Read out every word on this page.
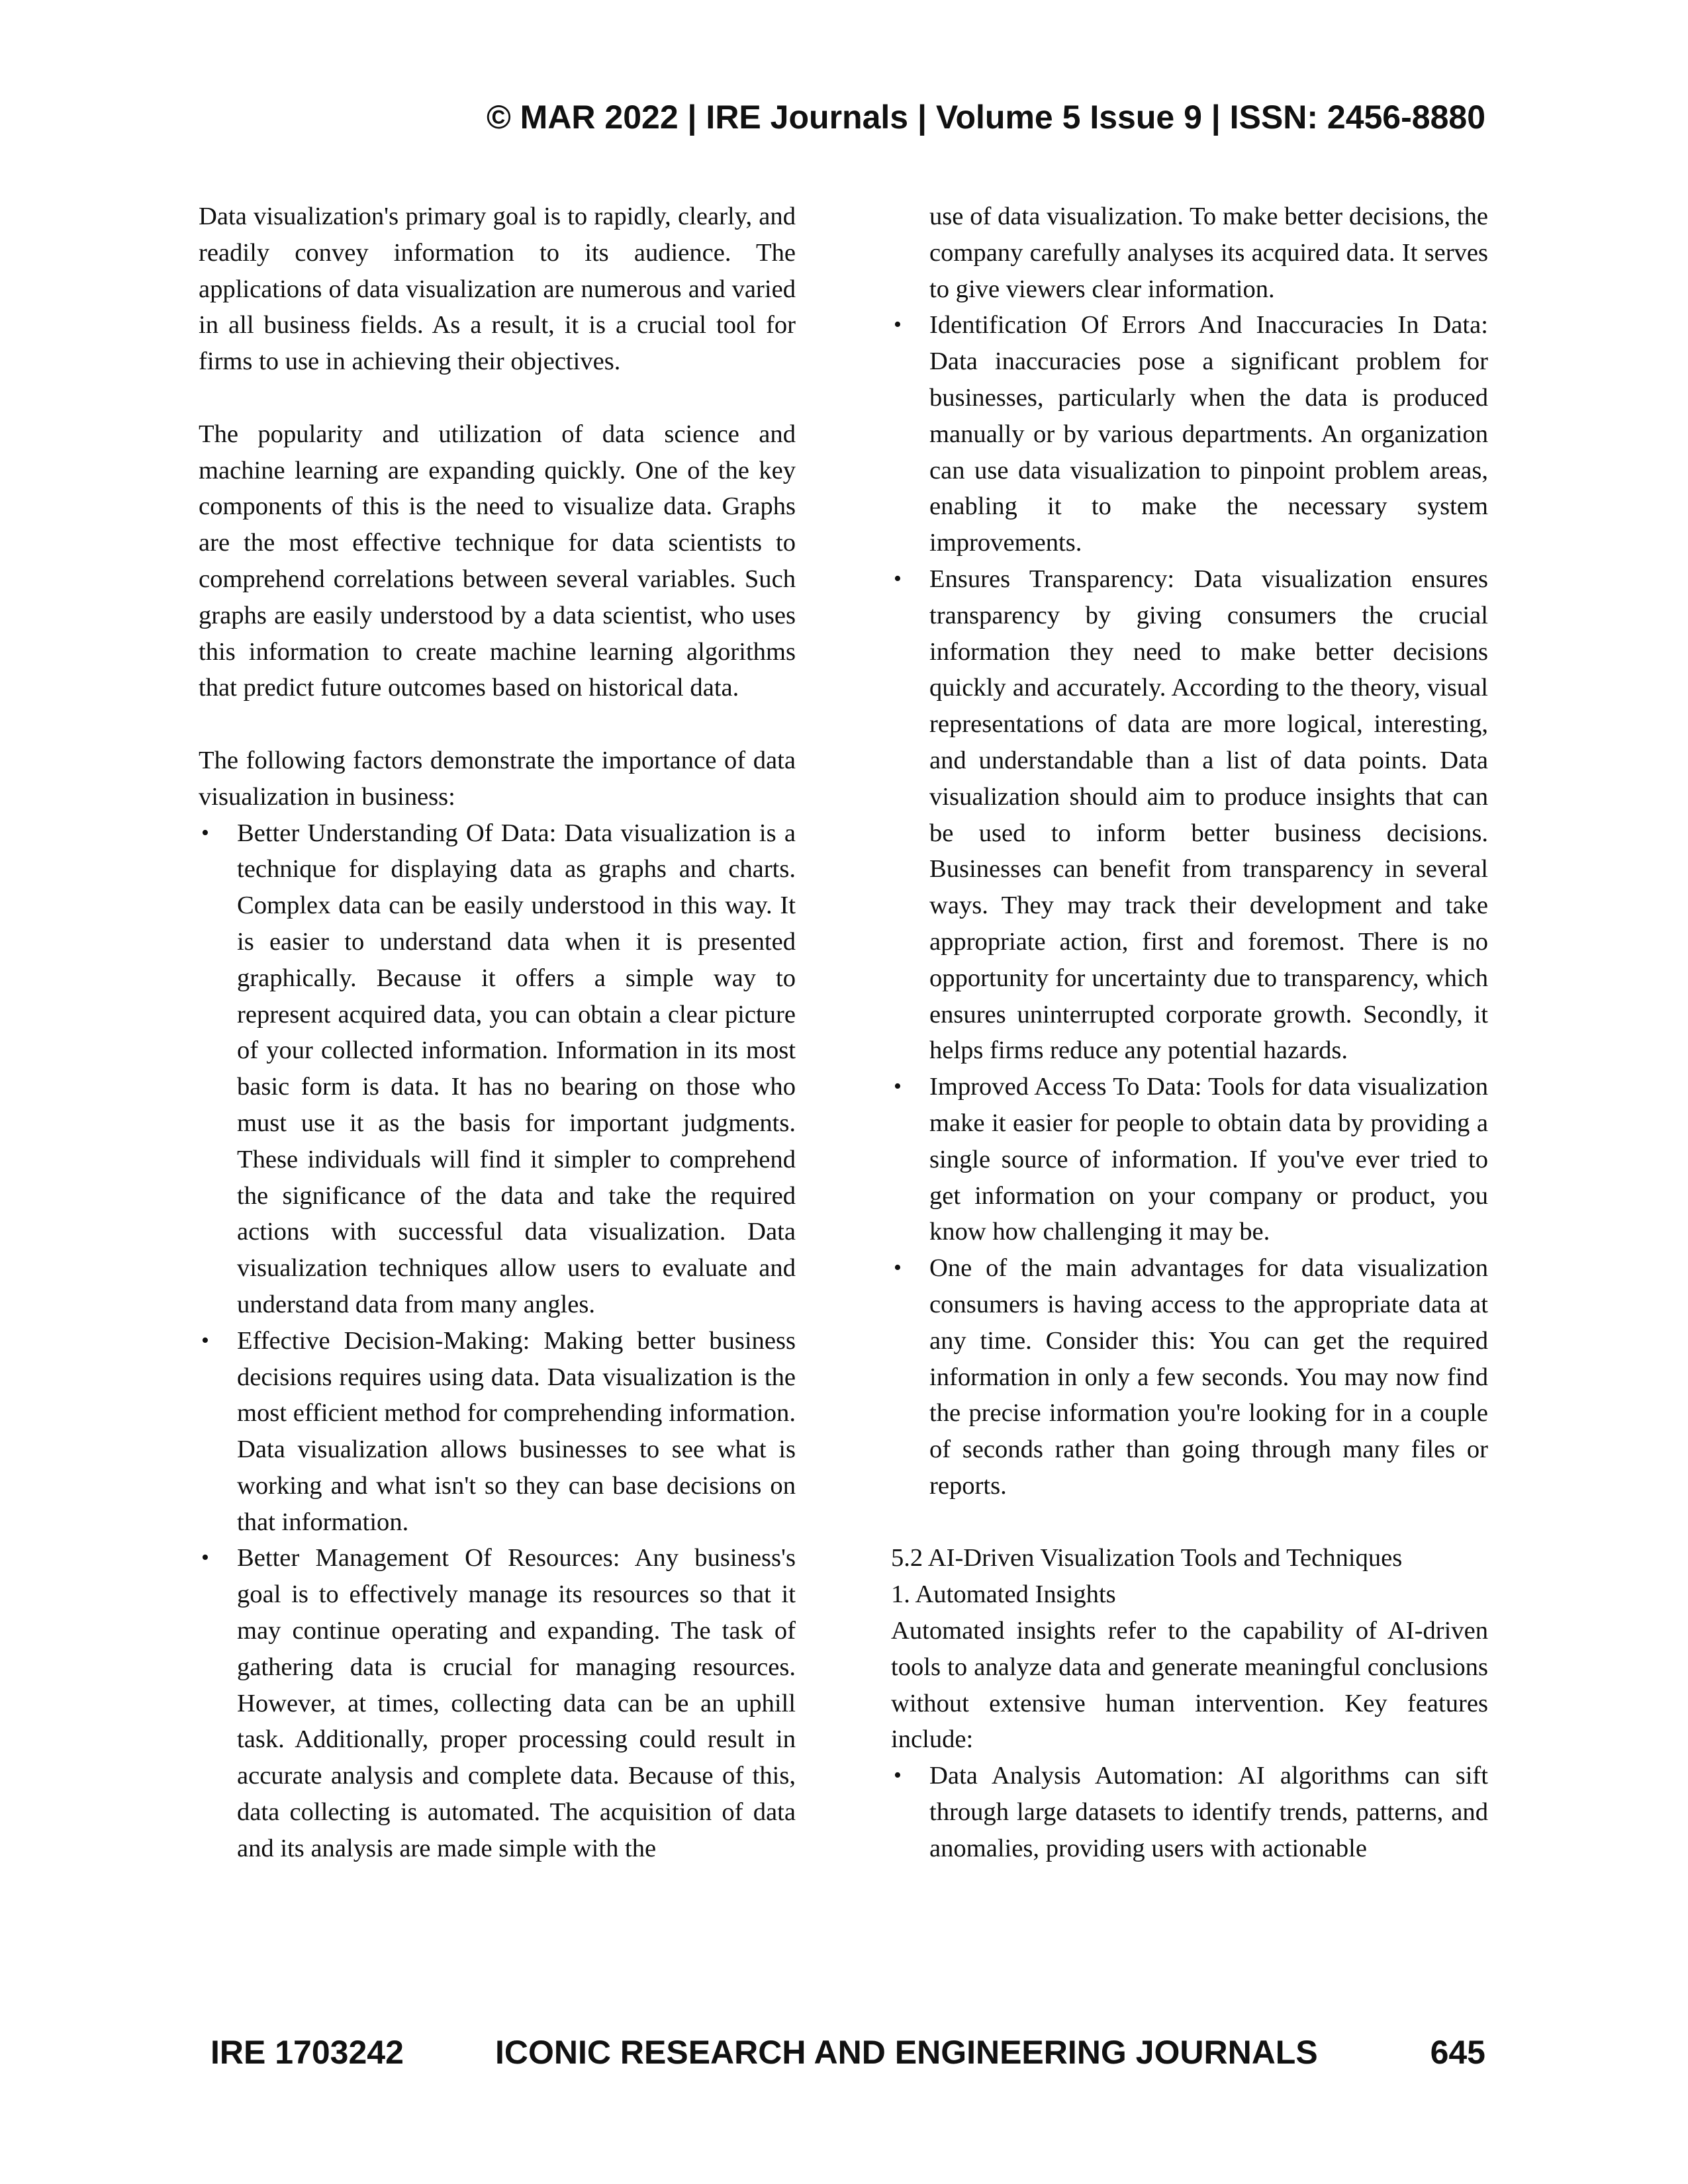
© MAR 2022 | IRE Journals | Volume 5 Issue 9 | ISSN: 2456-8880

Data visualization's primary goal is to rapidly, clearly, and readily convey information to its audience. The applications of data visualization are numerous and varied in all business fields. As a result, it is a crucial tool for firms to use in achieving their objectives.

The popularity and utilization of data science and machine learning are expanding quickly. One of the key components of this is the need to visualize data. Graphs are the most effective technique for data scientists to comprehend correlations between several variables. Such graphs are easily understood by a data scientist, who uses this information to create machine learning algorithms that predict future outcomes based on historical data.

The following factors demonstrate the importance of data visualization in business:

• Better Understanding Of Data: Data visualization is a technique for displaying data as graphs and charts. Complex data can be easily understood in this way. It is easier to understand data when it is presented graphically. Because it offers a simple way to represent acquired data, you can obtain a clear picture of your collected information. Information in its most basic form is data. It has no bearing on those who must use it as the basis for important judgments. These individuals will find it simpler to comprehend the significance of the data and take the required actions with successful data visualization. Data visualization techniques allow users to evaluate and understand data from many angles.
• Effective Decision-Making: Making better business decisions requires using data. Data visualization is the most efficient method for comprehending information. Data visualization allows businesses to see what is working and what isn't so they can base decisions on that information.
• Better Management Of Resources: Any business's goal is to effectively manage its resources so that it may continue operating and expanding. The task of gathering data is crucial for managing resources. However, at times, collecting data can be an uphill task. Additionally, proper processing could result in accurate analysis and complete data. Because of this, data collecting is automated. The acquisition of data and its analysis are made simple with the
use of data visualization. To make better decisions, the company carefully analyses its acquired data. It serves to give viewers clear information.
• Identification Of Errors And Inaccuracies In Data: Data inaccuracies pose a significant problem for businesses, particularly when the data is produced manually or by various departments. An organization can use data visualization to pinpoint problem areas, enabling it to make the necessary system improvements.
• Ensures Transparency: Data visualization ensures transparency by giving consumers the crucial information they need to make better decisions quickly and accurately. According to the theory, visual representations of data are more logical, interesting, and understandable than a list of data points. Data visualization should aim to produce insights that can be used to inform better business decisions. Businesses can benefit from transparency in several ways. They may track their development and take appropriate action, first and foremost. There is no opportunity for uncertainty due to transparency, which ensures uninterrupted corporate growth. Secondly, it helps firms reduce any potential hazards.
• Improved Access To Data: Tools for data visualization make it easier for people to obtain data by providing a single source of information. If you've ever tried to get information on your company or product, you know how challenging it may be.
• One of the main advantages for data visualization consumers is having access to the appropriate data at any time. Consider this: You can get the required information in only a few seconds. You may now find the precise information you're looking for in a couple of seconds rather than going through many files or reports.

5.2 AI-Driven Visualization Tools and Techniques

1. Automated Insights

Automated insights refer to the capability of AI-driven tools to analyze data and generate meaningful conclusions without extensive human intervention. Key features include:

• Data Analysis Automation: AI algorithms can sift through large datasets to identify trends, patterns, and anomalies, providing users with actionable
IRE 1703242	ICONIC RESEARCH AND ENGINEERING JOURNALS	645
